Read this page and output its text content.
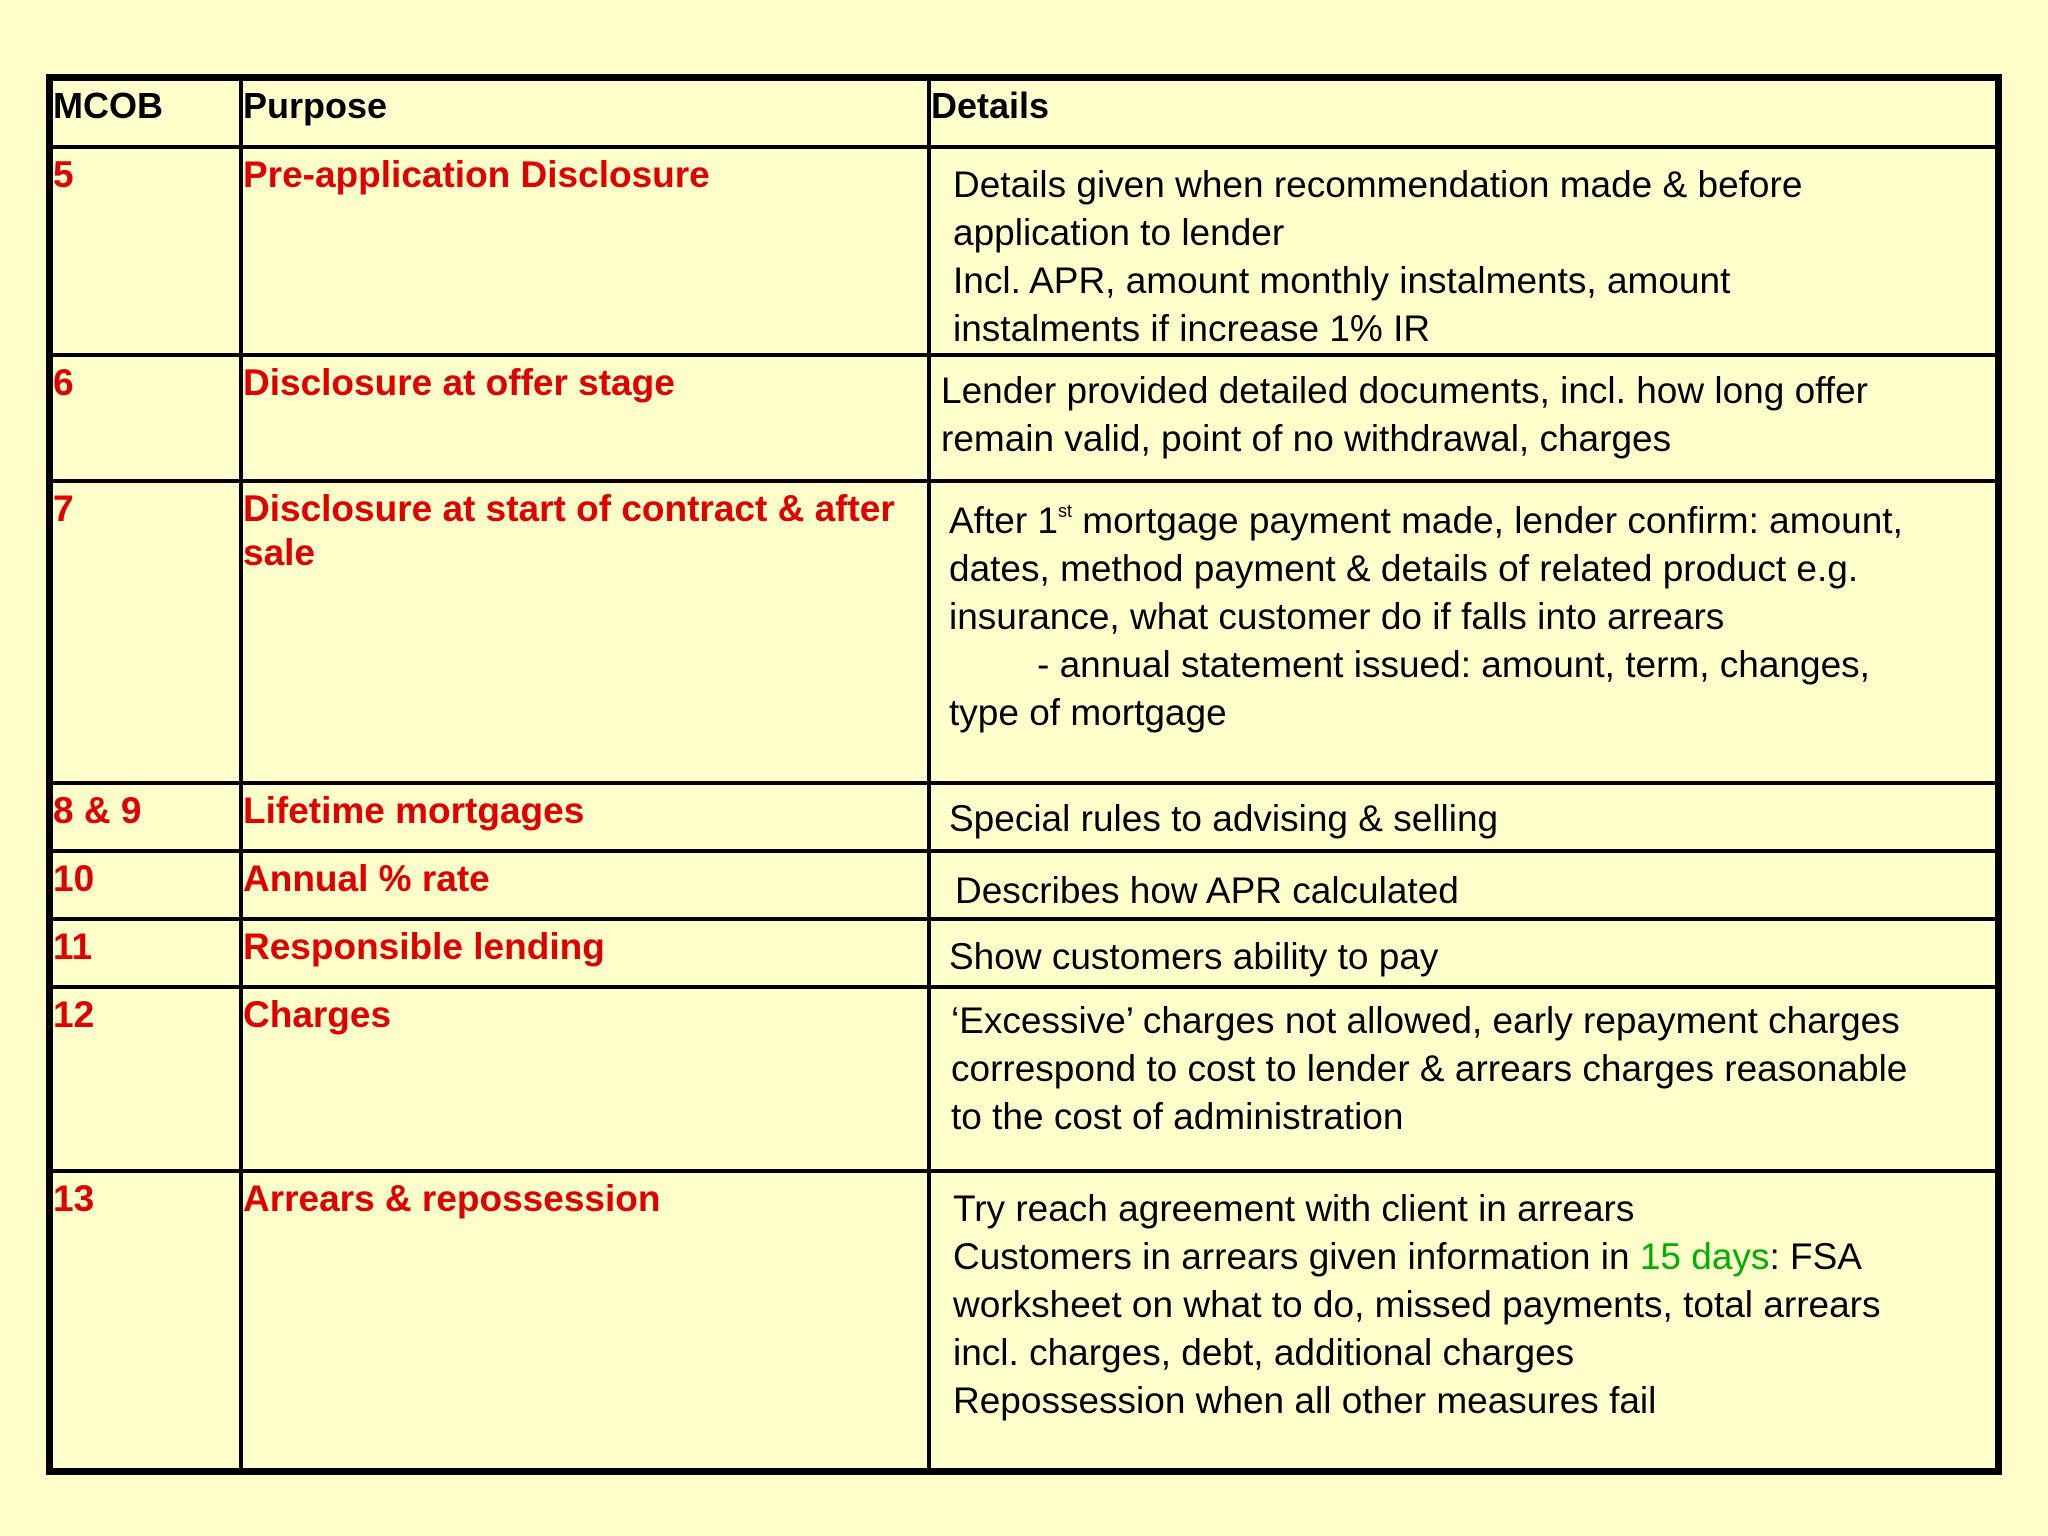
MCOB	Purpose	Details
5	Pre-application Disclosure	Details given when recommendation made & before
application to lender
Incl. APR, amount monthly instalments, amount
instalments if increase 1% IR

6	Disclosure at offer stage	Lender provided detailed documents, incl. how long offer
remain valid, point of no withdrawal, charges

7	Disclosure at start of contract & after sale	After 1st mortgage payment made, lender confirm: amount,
dates, method payment & details of related product e.g.
insurance, what customer do if falls into arrears
- annual statement issued: amount, term, changes,
type of mortgage

8 & 9	Lifetime mortgages	Special rules to advising & selling

10	Annual % rate	Describes how APR calculated

11	Responsible lending	Show customers ability to pay

12	Charges	‘Excessive’ charges not allowed, early repayment charges
correspond to cost to lender & arrears charges reasonable
to the cost of administration

13	Arrears & repossession	Try reach agreement with client in arrears
Customers in arrears given information in 15 days: FSA
worksheet on what to do, missed payments, total arrears
incl. charges, debt, additional charges
Repossession when all other measures fail
